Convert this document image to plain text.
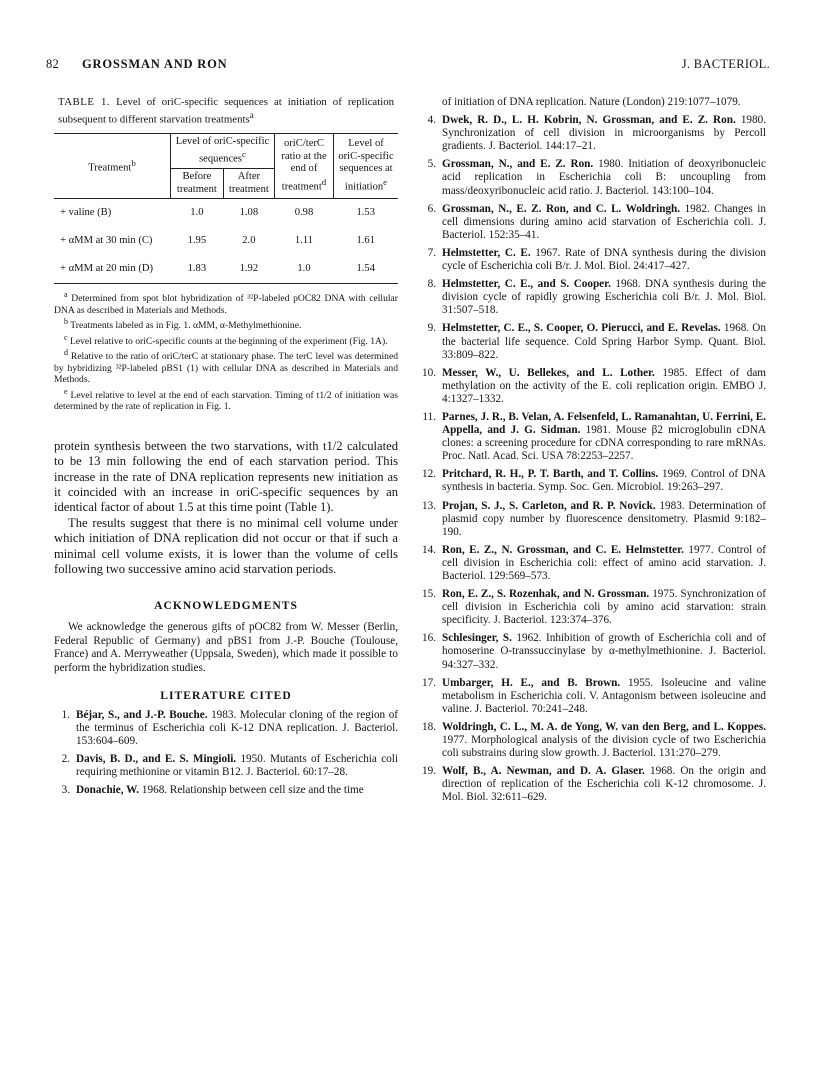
82 GROSSMAN AND RON	J. BACTERIOL.
TABLE 1. Level of oriC-specific sequences at initiation of replication subsequent to different starvation treatments$^a$
Treatment$^b$	Level of oriC-specific sequences$^c$		oriC/terC ratio at the end of treatment$^d$	Level of oriC-specific sequences at initiation$^e$
	Before treatment	After treatment		
+ valine (B)	1.0	1.08	0.98	1.53
+ αMM at 30 min (C)	1.95	2.0	1.11	1.61
+ αMM at 20 min (D)	1.83	1.92	1.0	1.54

$^a$ Determined from spot blot hybridization of ³²P-labeled pOC82 DNA with cellular DNA as described in Materials and Methods.

$^b$ Treatments labeled as in Fig. 1. αMM, α-Methylmethionine.

$^c$ Level relative to oriC-specific counts at the beginning of the experiment (Fig. 1A).

$^d$ Relative to the ratio of oriC/terC at stationary phase. The terC level was determined by hybridizing ³²P-labeled pBS1 (1) with cellular DNA as described in Materials and Methods.

$^e$ Level relative to level at the end of each starvation. Timing of t1/2 of initiation was determined by the rate of replication in Fig. 1.

protein synthesis between the two starvations, with t1/2 calculated to be 13 min following the end of each starvation period. This increase in the rate of DNA replication represents new initiation as it coincided with an increase in oriC-specific sequences by an identical factor of about 1.5 at this time point (Table 1).

The results suggest that there is no minimal cell volume under which initiation of DNA replication did not occur or that if such a minimal cell volume exists, it is lower than the volume of cells following two successive amino acid starvation periods.

ACKNOWLEDGMENTS

We acknowledge the generous gifts of pOC82 from W. Messer (Berlin, Federal Republic of Germany) and pBS1 from J.-P. Bouche (Toulouse, France) and A. Merryweather (Uppsala, Sweden), which made it possible to perform the hybridization studies.

LITERATURE CITED
1. Béjar, S., and J.-P. Bouche. 1983. Molecular cloning of the region of the terminus of Escherichia coli K-12 DNA replication. J. Bacteriol. 153:604–609.
2. Davis, B. D., and E. S. Mingioli. 1950. Mutants of Escherichia coli requiring methionine or vitamin B12. J. Bacteriol. 60:17–28.
3. Donachie, W. 1968. Relationship between cell size and the time
of initiation of DNA replication. Nature (London) 219:1077–1079.
4. Dwek, R. D., L. H. Kobrin, N. Grossman, and E. Z. Ron. 1980. Synchronization of cell division in microorganisms by Percoll gradients. J. Bacteriol. 144:17–21.
5. Grossman, N., and E. Z. Ron. 1980. Initiation of deoxyribonucleic acid replication in Escherichia coli B: uncoupling from mass/deoxyribonucleic acid ratio. J. Bacteriol. 143:100–104.
6. Grossman, N., E. Z. Ron, and C. L. Woldringh. 1982. Changes in cell dimensions during amino acid starvation of Escherichia coli. J. Bacteriol. 152:35–41.
7. Helmstetter, C. E. 1967. Rate of DNA synthesis during the division cycle of Escherichia coli B/r. J. Mol. Biol. 24:417–427.
8. Helmstetter, C. E., and S. Cooper. 1968. DNA synthesis during the division cycle of rapidly growing Escherichia coli B/r. J. Mol. Biol. 31:507–518.
9. Helmstetter, C. E., S. Cooper, O. Pierucci, and E. Revelas. 1968. On the bacterial life sequence. Cold Spring Harbor Symp. Quant. Biol. 33:809–822.
10. Messer, W., U. Bellekes, and L. Lother. 1985. Effect of dam methylation on the activity of the E. coli replication origin. EMBO J. 4:1327–1332.
11. Parnes, J. R., B. Velan, A. Felsenfeld, L. Ramanahtan, U. Ferrini, E. Appella, and J. G. Sidman. 1981. Mouse β2 microglobulin cDNA clones: a screening procedure for cDNA corresponding to rare mRNAs. Proc. Natl. Acad. Sci. USA 78:2253–2257.
12. Pritchard, R. H., P. T. Barth, and T. Collins. 1969. Control of DNA synthesis in bacteria. Symp. Soc. Gen. Microbiol. 19:263–297.
13. Projan, S. J., S. Carleton, and R. P. Novick. 1983. Determination of plasmid copy number by fluorescence densitometry. Plasmid 9:182–190.
14. Ron, E. Z., N. Grossman, and C. E. Helmstetter. 1977. Control of cell division in Escherichia coli: effect of amino acid starvation. J. Bacteriol. 129:569–573.
15. Ron, E. Z., S. Rozenhak, and N. Grossman. 1975. Synchronization of cell division in Escherichia coli by amino acid starvation: strain specificity. J. Bacteriol. 123:374–376.
16. Schlesinger, S. 1962. Inhibition of growth of Escherichia coli and of homoserine O-transsuccinylase by α-methylmethionine. J. Bacteriol. 94:327–332.
17. Umbarger, H. E., and B. Brown. 1955. Isoleucine and valine metabolism in Escherichia coli. V. Antagonism between isoleucine and valine. J. Bacteriol. 70:241–248.
18. Woldringh, C. L., M. A. de Yong, W. van den Berg, and L. Koppes. 1977. Morphological analysis of the division cycle of two Escherichia coli substrains during slow growth. J. Bacteriol. 131:270–279.
19. Wolf, B., A. Newman, and D. A. Glaser. 1968. On the origin and direction of replication of the Escherichia coli K-12 chromosome. J. Mol. Biol. 32:611–629.
